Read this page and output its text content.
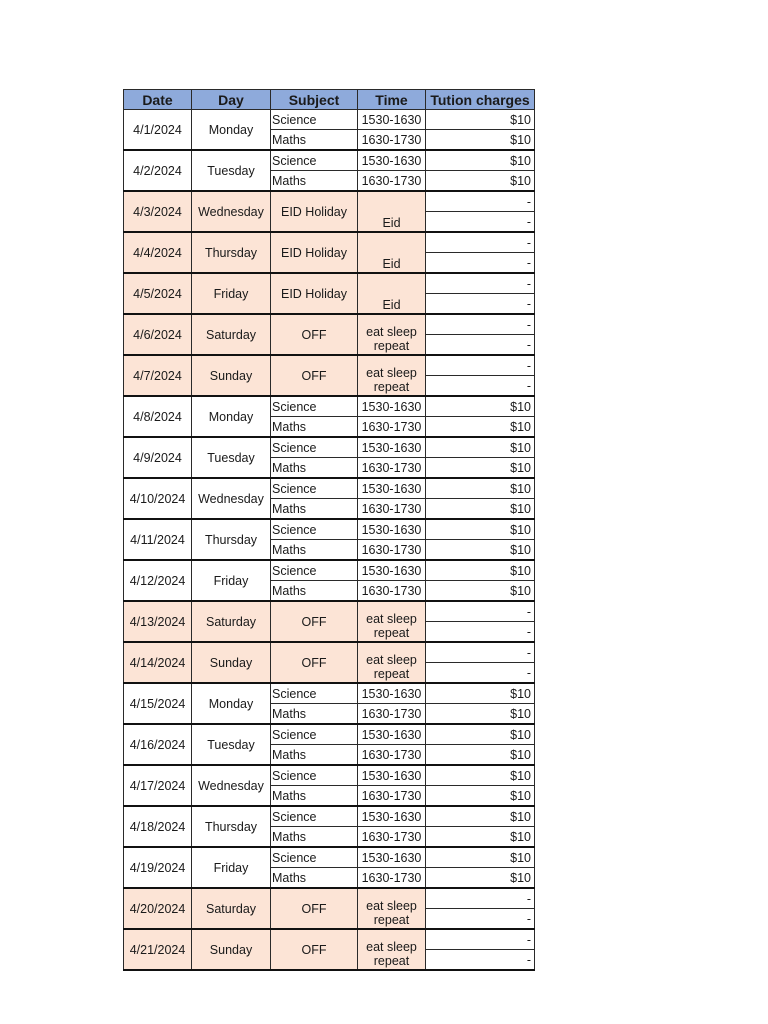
Date	Day	Subject	Time	Tution charges
4/1/2024	Monday	Science	1530-1630	$10
		Maths	1630-1730	$10
4/2/2024	Tuesday	Science	1530-1630	$10
		Maths	1630-1730	$10
4/3/2024	Wednesday	EID Holiday	Eid	-
				-
4/4/2024	Thursday	EID Holiday	Eid	-
				-
4/5/2024	Friday	EID Holiday	Eid	-
				-
4/6/2024	Saturday	OFF	eat sleep repeat	-
				-
4/7/2024	Sunday	OFF	eat sleep repeat	-
				-
4/8/2024	Monday	Science	1530-1630	$10
		Maths	1630-1730	$10
4/9/2024	Tuesday	Science	1530-1630	$10
		Maths	1630-1730	$10
4/10/2024	Wednesday	Science	1530-1630	$10
		Maths	1630-1730	$10
4/11/2024	Thursday	Science	1530-1630	$10
		Maths	1630-1730	$10
4/12/2024	Friday	Science	1530-1630	$10
		Maths	1630-1730	$10
4/13/2024	Saturday	OFF	eat sleep repeat	-
				-
4/14/2024	Sunday	OFF	eat sleep repeat	-
				-
4/15/2024	Monday	Science	1530-1630	$10
		Maths	1630-1730	$10
4/16/2024	Tuesday	Science	1530-1630	$10
		Maths	1630-1730	$10
4/17/2024	Wednesday	Science	1530-1630	$10
		Maths	1630-1730	$10
4/18/2024	Thursday	Science	1530-1630	$10
		Maths	1630-1730	$10
4/19/2024	Friday	Science	1530-1630	$10
		Maths	1630-1730	$10
4/20/2024	Saturday	OFF	eat sleep repeat	-
				-
4/21/2024	Sunday	OFF	eat sleep repeat	-
				-
